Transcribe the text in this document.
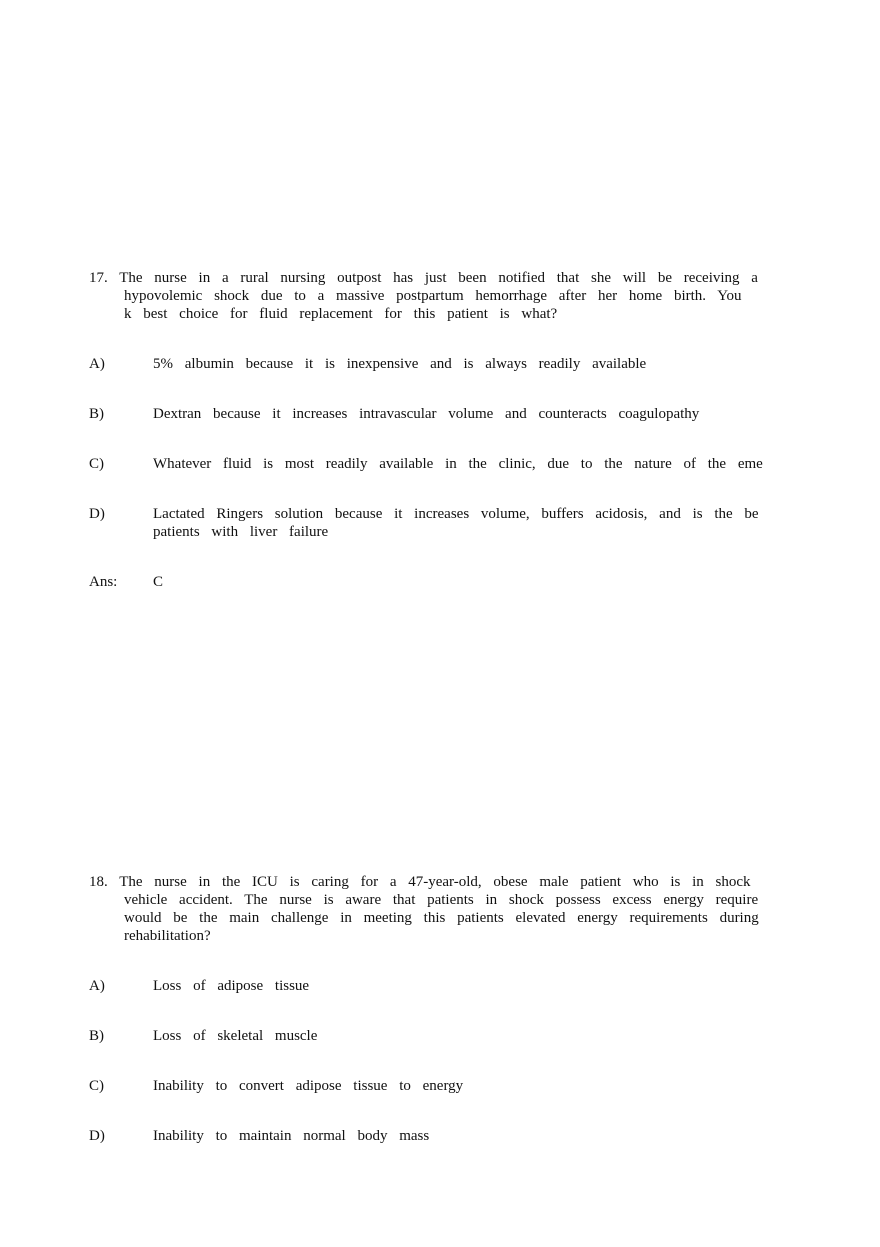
17. The nurse in a rural nursing outpost has just been notified that she will be receiving a
hypovolemic shock due to a massive postpartum hemorrhage after her home birth. You
k best choice for fluid replacement for this patient is what?
A)	5% albumin because it is inexpensive and is always readily available
B)	Dextran because it increases intravascular volume and counteracts coagulopathy
C)	Whatever fluid is most readily available in the clinic, due to the nature of the eme
D)	Lactated Ringers solution because it increases volume, buffers acidosis, and is the be
patients with liver failure
Ans:	C
18. The nurse in the ICU is caring for a 47-year-old, obese male patient who is in shock
vehicle accident. The nurse is aware that patients in shock possess excess energy require
would be the main challenge in meeting this patients elevated energy requirements during
rehabilitation?
A)	Loss of adipose tissue
B)	Loss of skeletal muscle
C)	Inability to convert adipose tissue to energy
D)	Inability to maintain normal body mass
